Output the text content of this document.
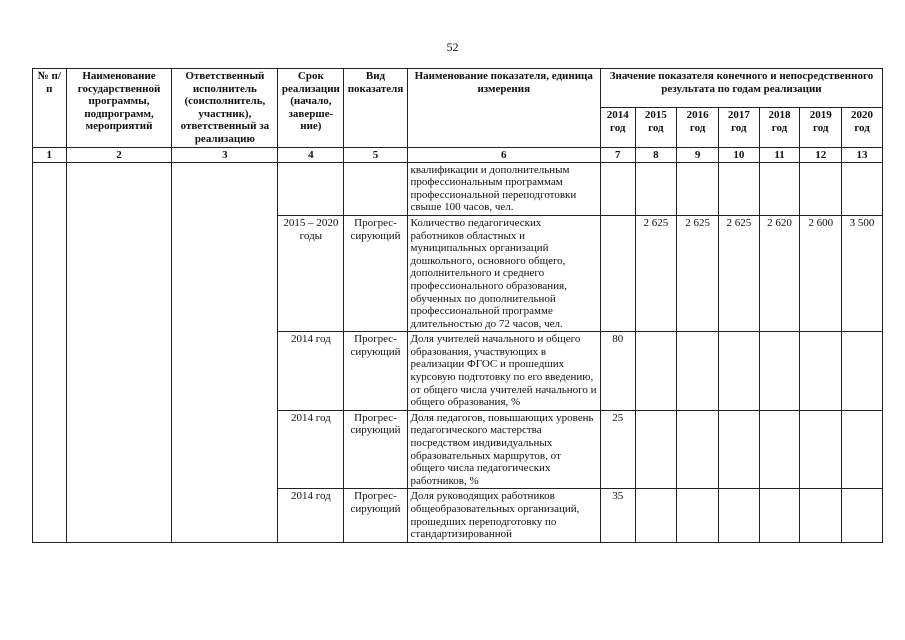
52
№ п/п	Наименование государственной программы, подпрограмм, мероприятий	Ответственный исполнитель (соисполнитель, участник), ответственный за реализацию	Срок реализации (начало, заверше-ние)	Вид показателя	Наименование показателя, единица измерения	Значение показателя конечного и непосредственного результата по годам реализации						
						2014 год	2015 год	2016 год	2017 год	2018 год	2019 год	2020 год
1	2	3	4	5	6	7	8	9	10	11	12	13
					квалификации и дополнительным профессиональным программам профессиональной переподготовки свыше 100 часов, чел.							
			2015 – 2020 годы	Прогрес-сирующий	Количество педагогических работников областных и муниципальных организаций дошкольного, основного общего, дополнительного и среднего профессионального образования, обученных по дополнительной профессиональной программе длительностью до 72 часов, чел.		2 625	2 625	2 625	2 620	2 600	3 500
			2014 год	Прогрес-сирующий	Доля учителей начального и общего образования, участвующих в реализации ФГОС и прошедших курсовую подготовку по его введению, от общего числа учителей начального и общего образования, %	80						
			2014 год	Прогрес-сирующий	Доля педагогов, повышающих уровень педагогического мастерства посредством индивидуальных образовательных маршрутов, от общего числа педагогических работников, %	25						
			2014 год	Прогрес-сирующий	Доля руководящих работников общеобразовательных организаций, прошедших переподготовку по стандартизированной	35						
